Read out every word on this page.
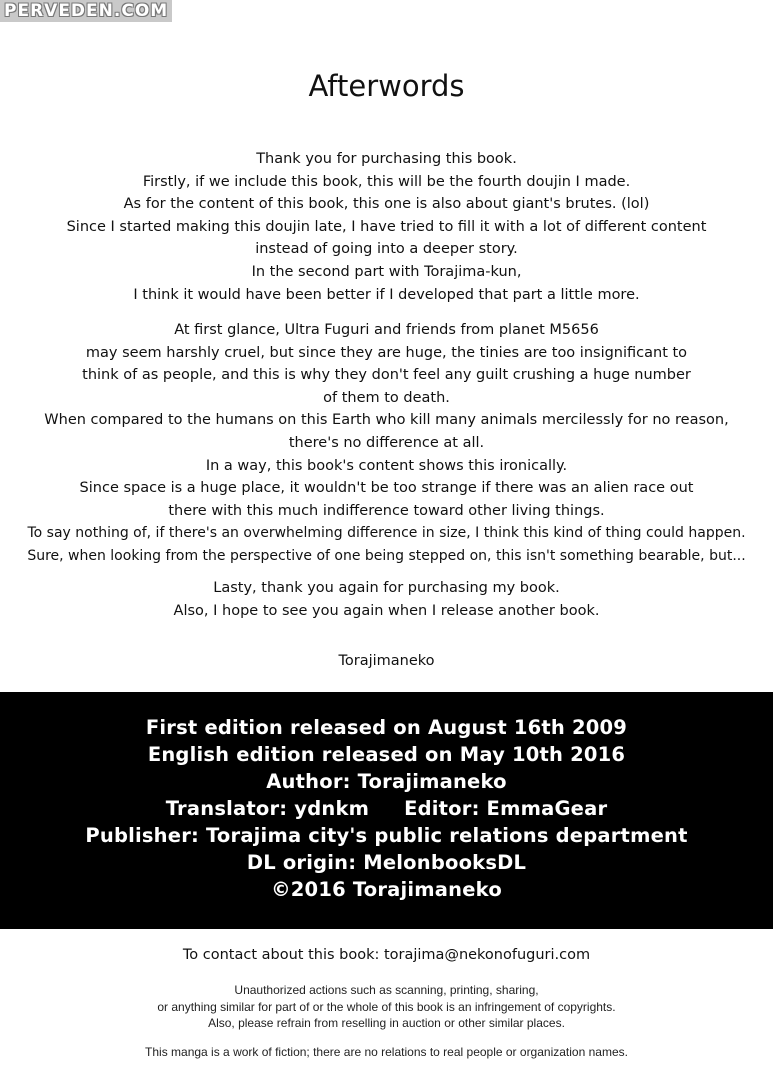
PERVEDEN.COM
Afterwords
Thank you for purchasing this book.
Firstly, if we include this book, this will be the fourth doujin I made.
As for the content of this book, this one is also about giant's brutes. (lol)
Since I started making this doujin late, I have tried to fill it with a lot of different content
instead of going into a deeper story.
In the second part with Torajima-kun,
I think it would have been better if I developed that part a little more.
At first glance, Ultra Fuguri and friends from planet M5656
may seem harshly cruel, but since they are huge, the tinies are too insignificant to
think of as people, and this is why they don't feel any guilt crushing a huge number
of them to death.
When compared to the humans on this Earth who kill many animals mercilessly for no reason,
there's no difference at all.
In a way, this book's content shows this ironically.
Since space is a huge place, it wouldn't be too strange if there was an alien race out
there with this much indifference toward other living things.
To say nothing of, if there's an overwhelming difference in size, I think this kind of thing could happen.
Sure, when looking from the perspective of one being stepped on, this isn't something bearable, but...
Lasty, thank you again for purchasing my book.
Also, I hope to see you again when I release another book.
Torajimaneko
First edition released on August 16th 2009
English edition released on May 10th 2016
Author: Torajimaneko
Translator: ydnkm     Editor: EmmaGear
Publisher: Torajima city's public relations department
DL origin: MelonbooksDL
©2016 Torajimaneko
To contact about this book: torajima@nekonofuguri.com
Unauthorized actions such as scanning, printing, sharing,
or anything similar for part of or the whole of this book is an infringement of copyrights.
Also, please refrain from reselling in auction or other similar places.
This manga is a work of fiction; there are no relations to real people or organization names.
